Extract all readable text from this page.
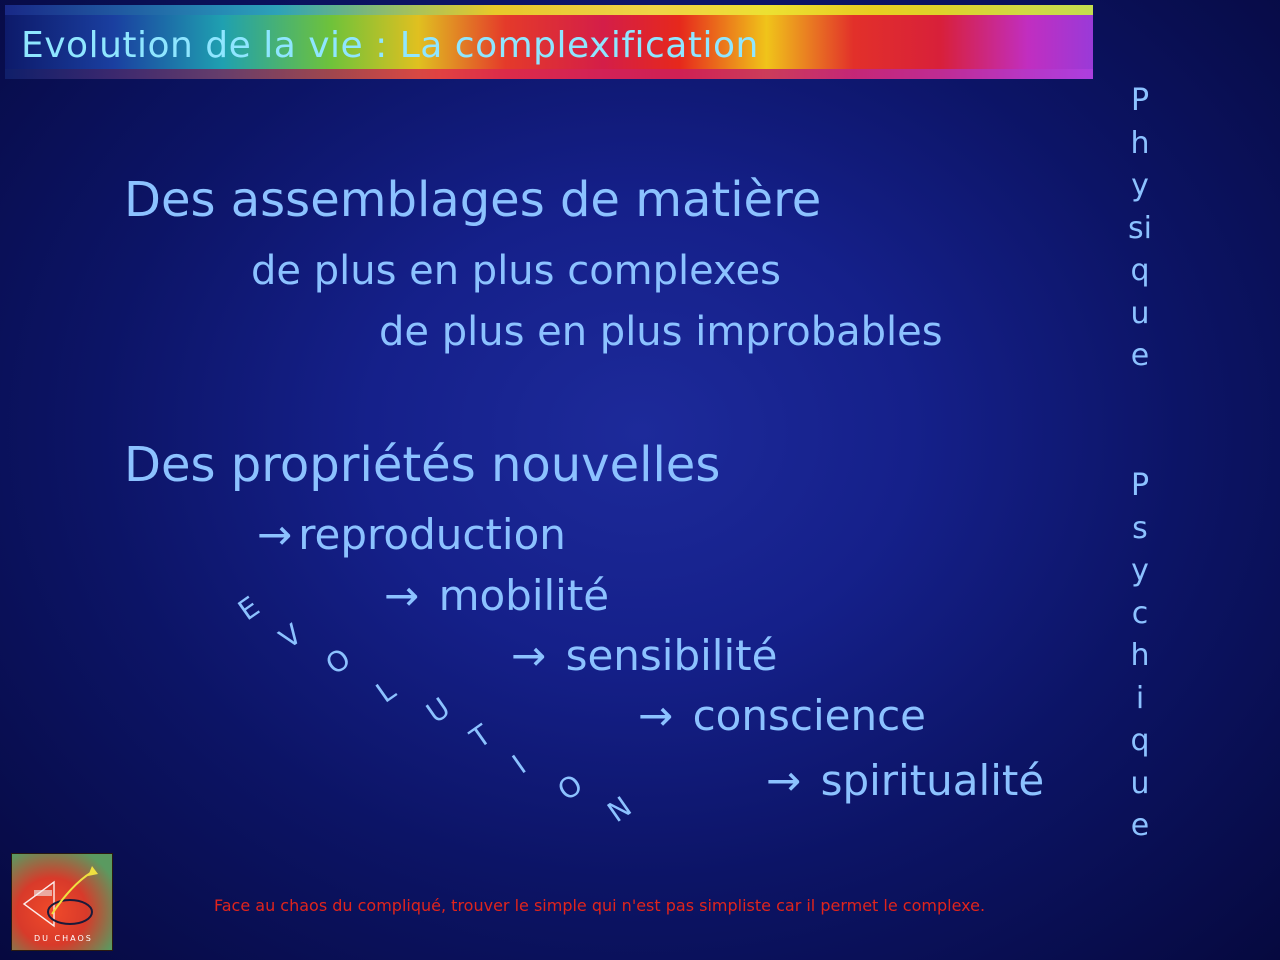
Evolution de la vie : La complexification
Des assemblages de matière
de plus en plus complexes
de plus en plus improbables
Des propriétés nouvelles
→ reproduction
→ mobilité
→ sensibilité
→ conscience
→ spiritualité
E
V
O
L U
T
I
O
N
Physique
Psychique
DU CHAOS
Face au chaos du compliqué, trouver le simple qui n'est pas simpliste car il permet le complexe.
